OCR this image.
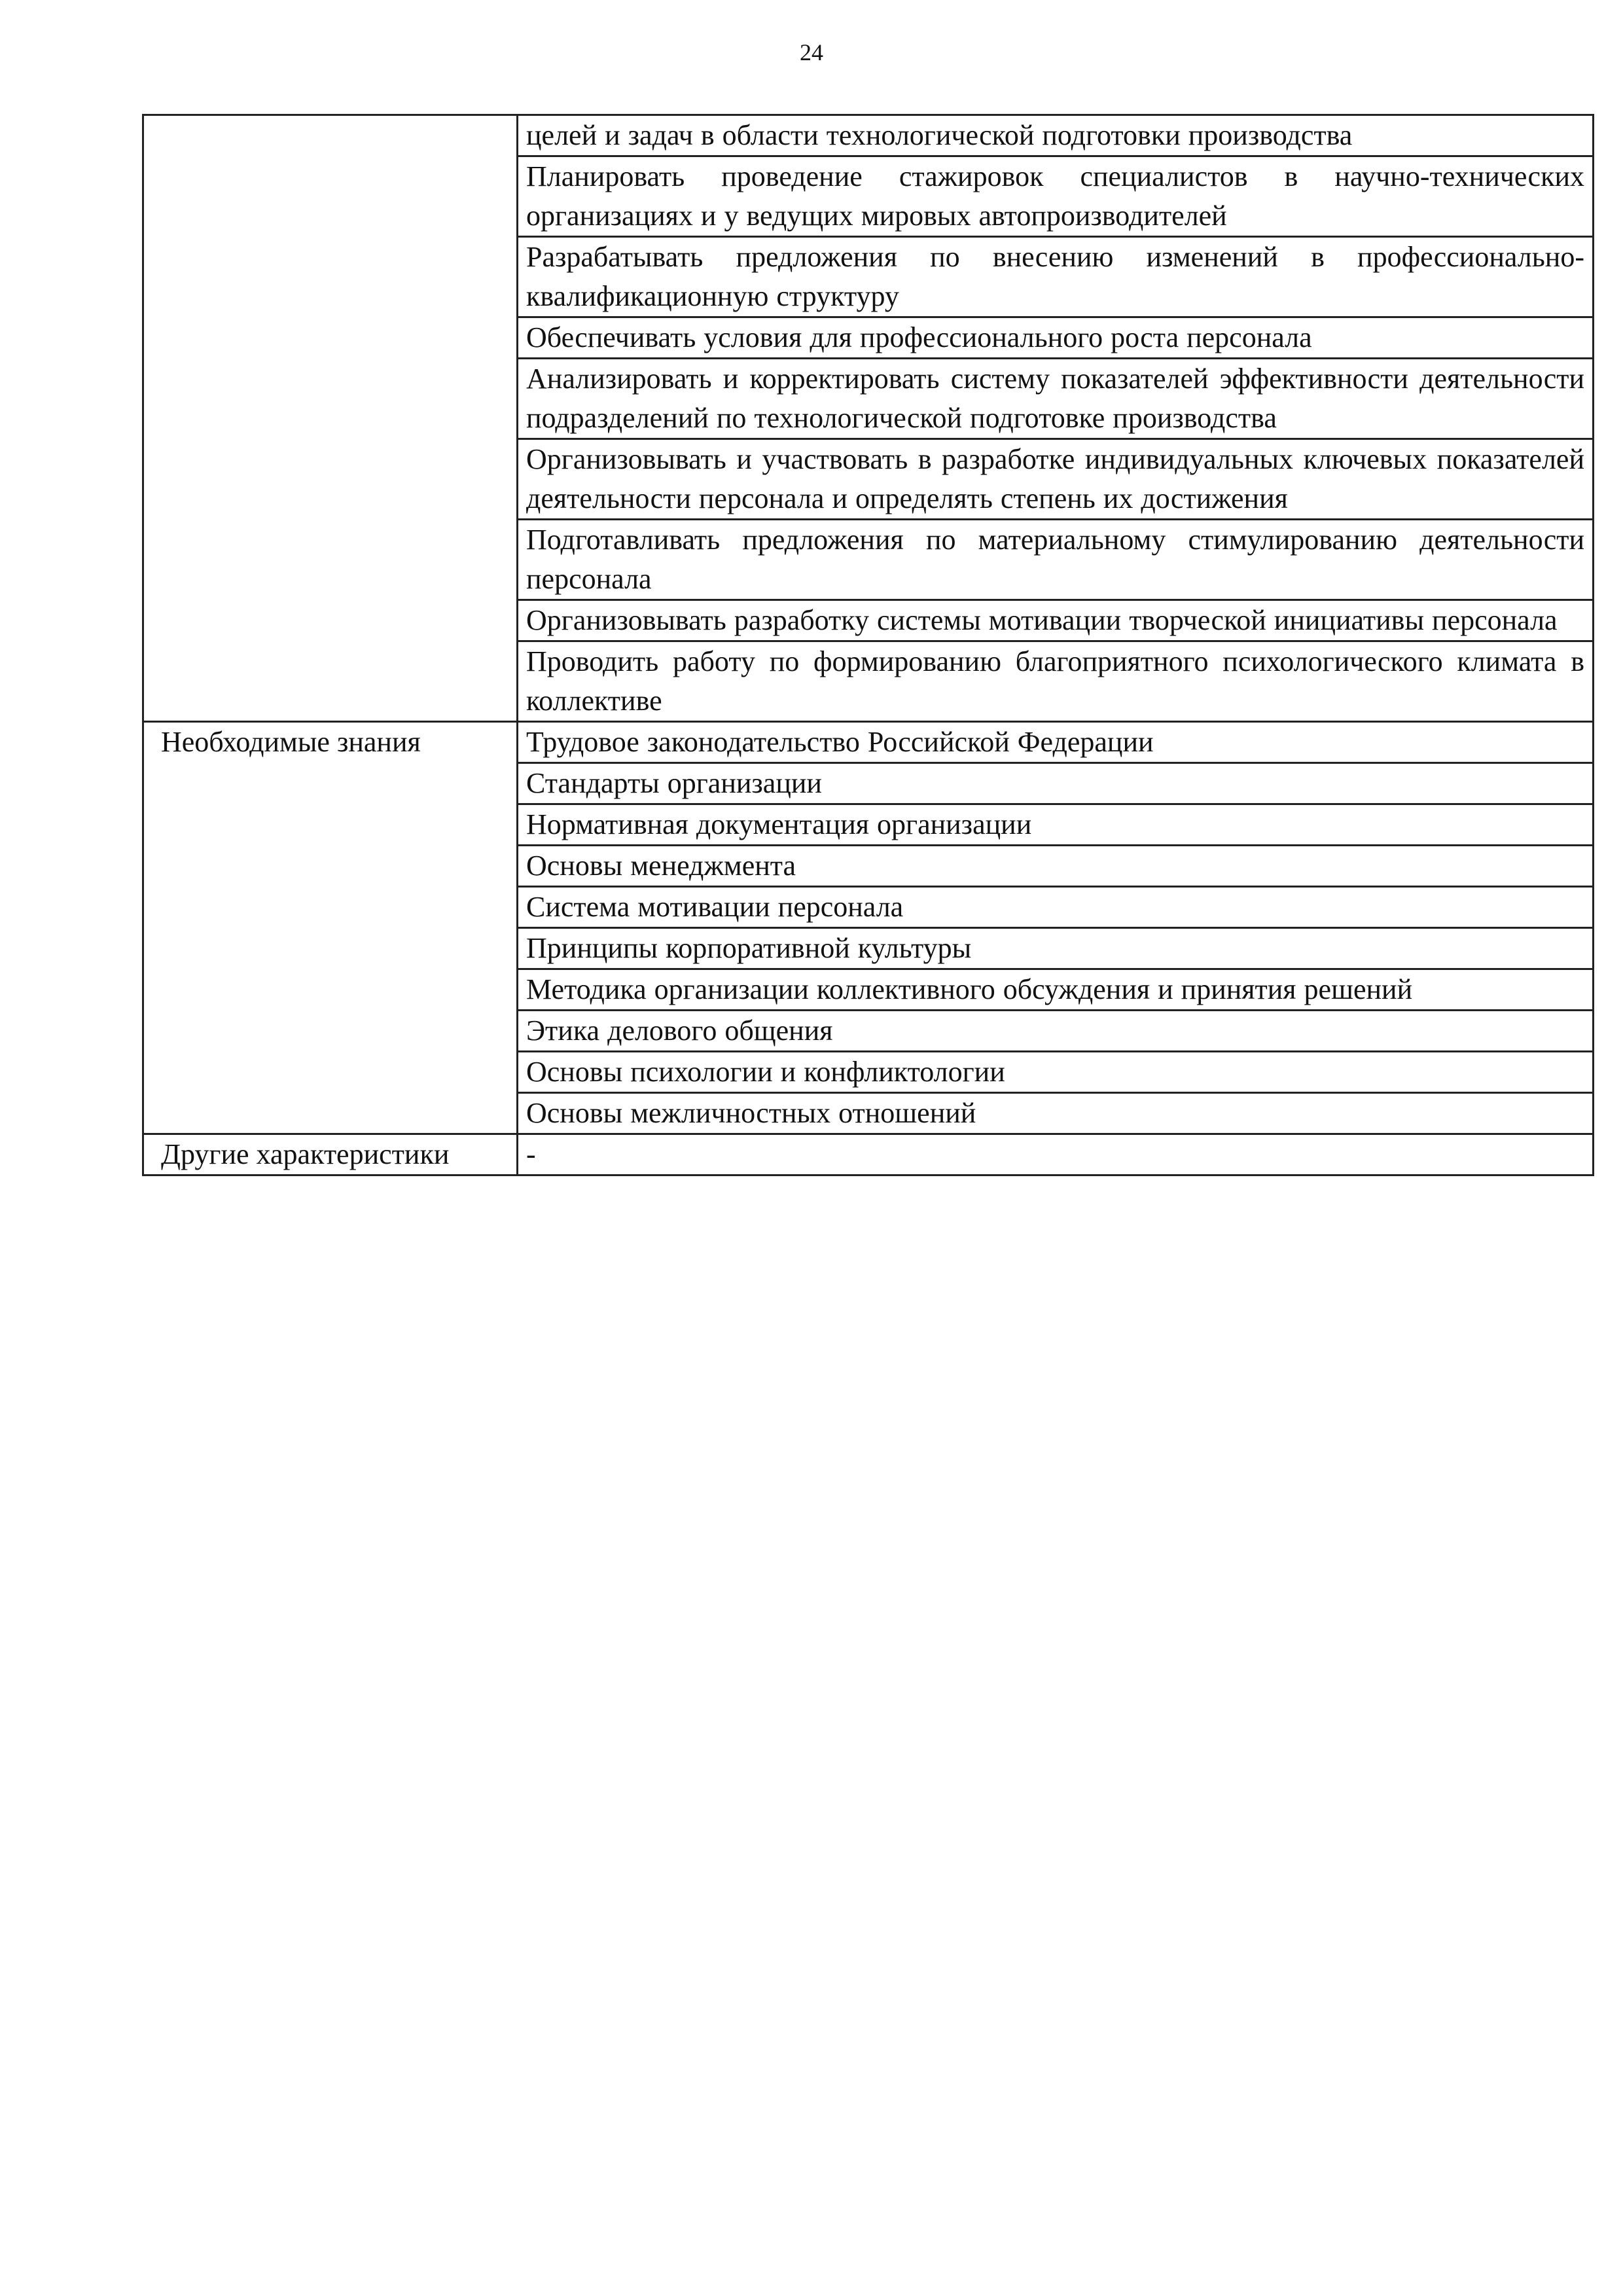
24
	целей и задач в области технологической подготовки производства
	Планировать проведение стажировок специалистов в научно-технических организациях и у ведущих мировых автопроизводителей
	Разрабатывать предложения по внесению изменений в профессионально-квалификационную структуру
	Обеспечивать условия для профессионального роста персонала
	Анализировать и корректировать систему показателей эффективности деятельности подразделений по технологической подготовке производства
	Организовывать и участвовать в разработке индивидуальных ключевых показателей деятельности персонала и определять степень их достижения
	Подготавливать предложения по материальному стимулированию деятельности персонала
	Организовывать разработку системы мотивации творческой инициативы персонала
	Проводить работу по формированию благоприятного психологического климата в коллективе
Необходимые знания	Трудовое законодательство Российской Федерации
	Стандарты организации
	Нормативная документация организации
	Основы менеджмента
	Система мотивации персонала
	Принципы корпоративной культуры
	Методика организации коллективного обсуждения и принятия решений
	Этика делового общения
	Основы психологии и конфликтологии
	Основы межличностных отношений
Другие характеристики	-
